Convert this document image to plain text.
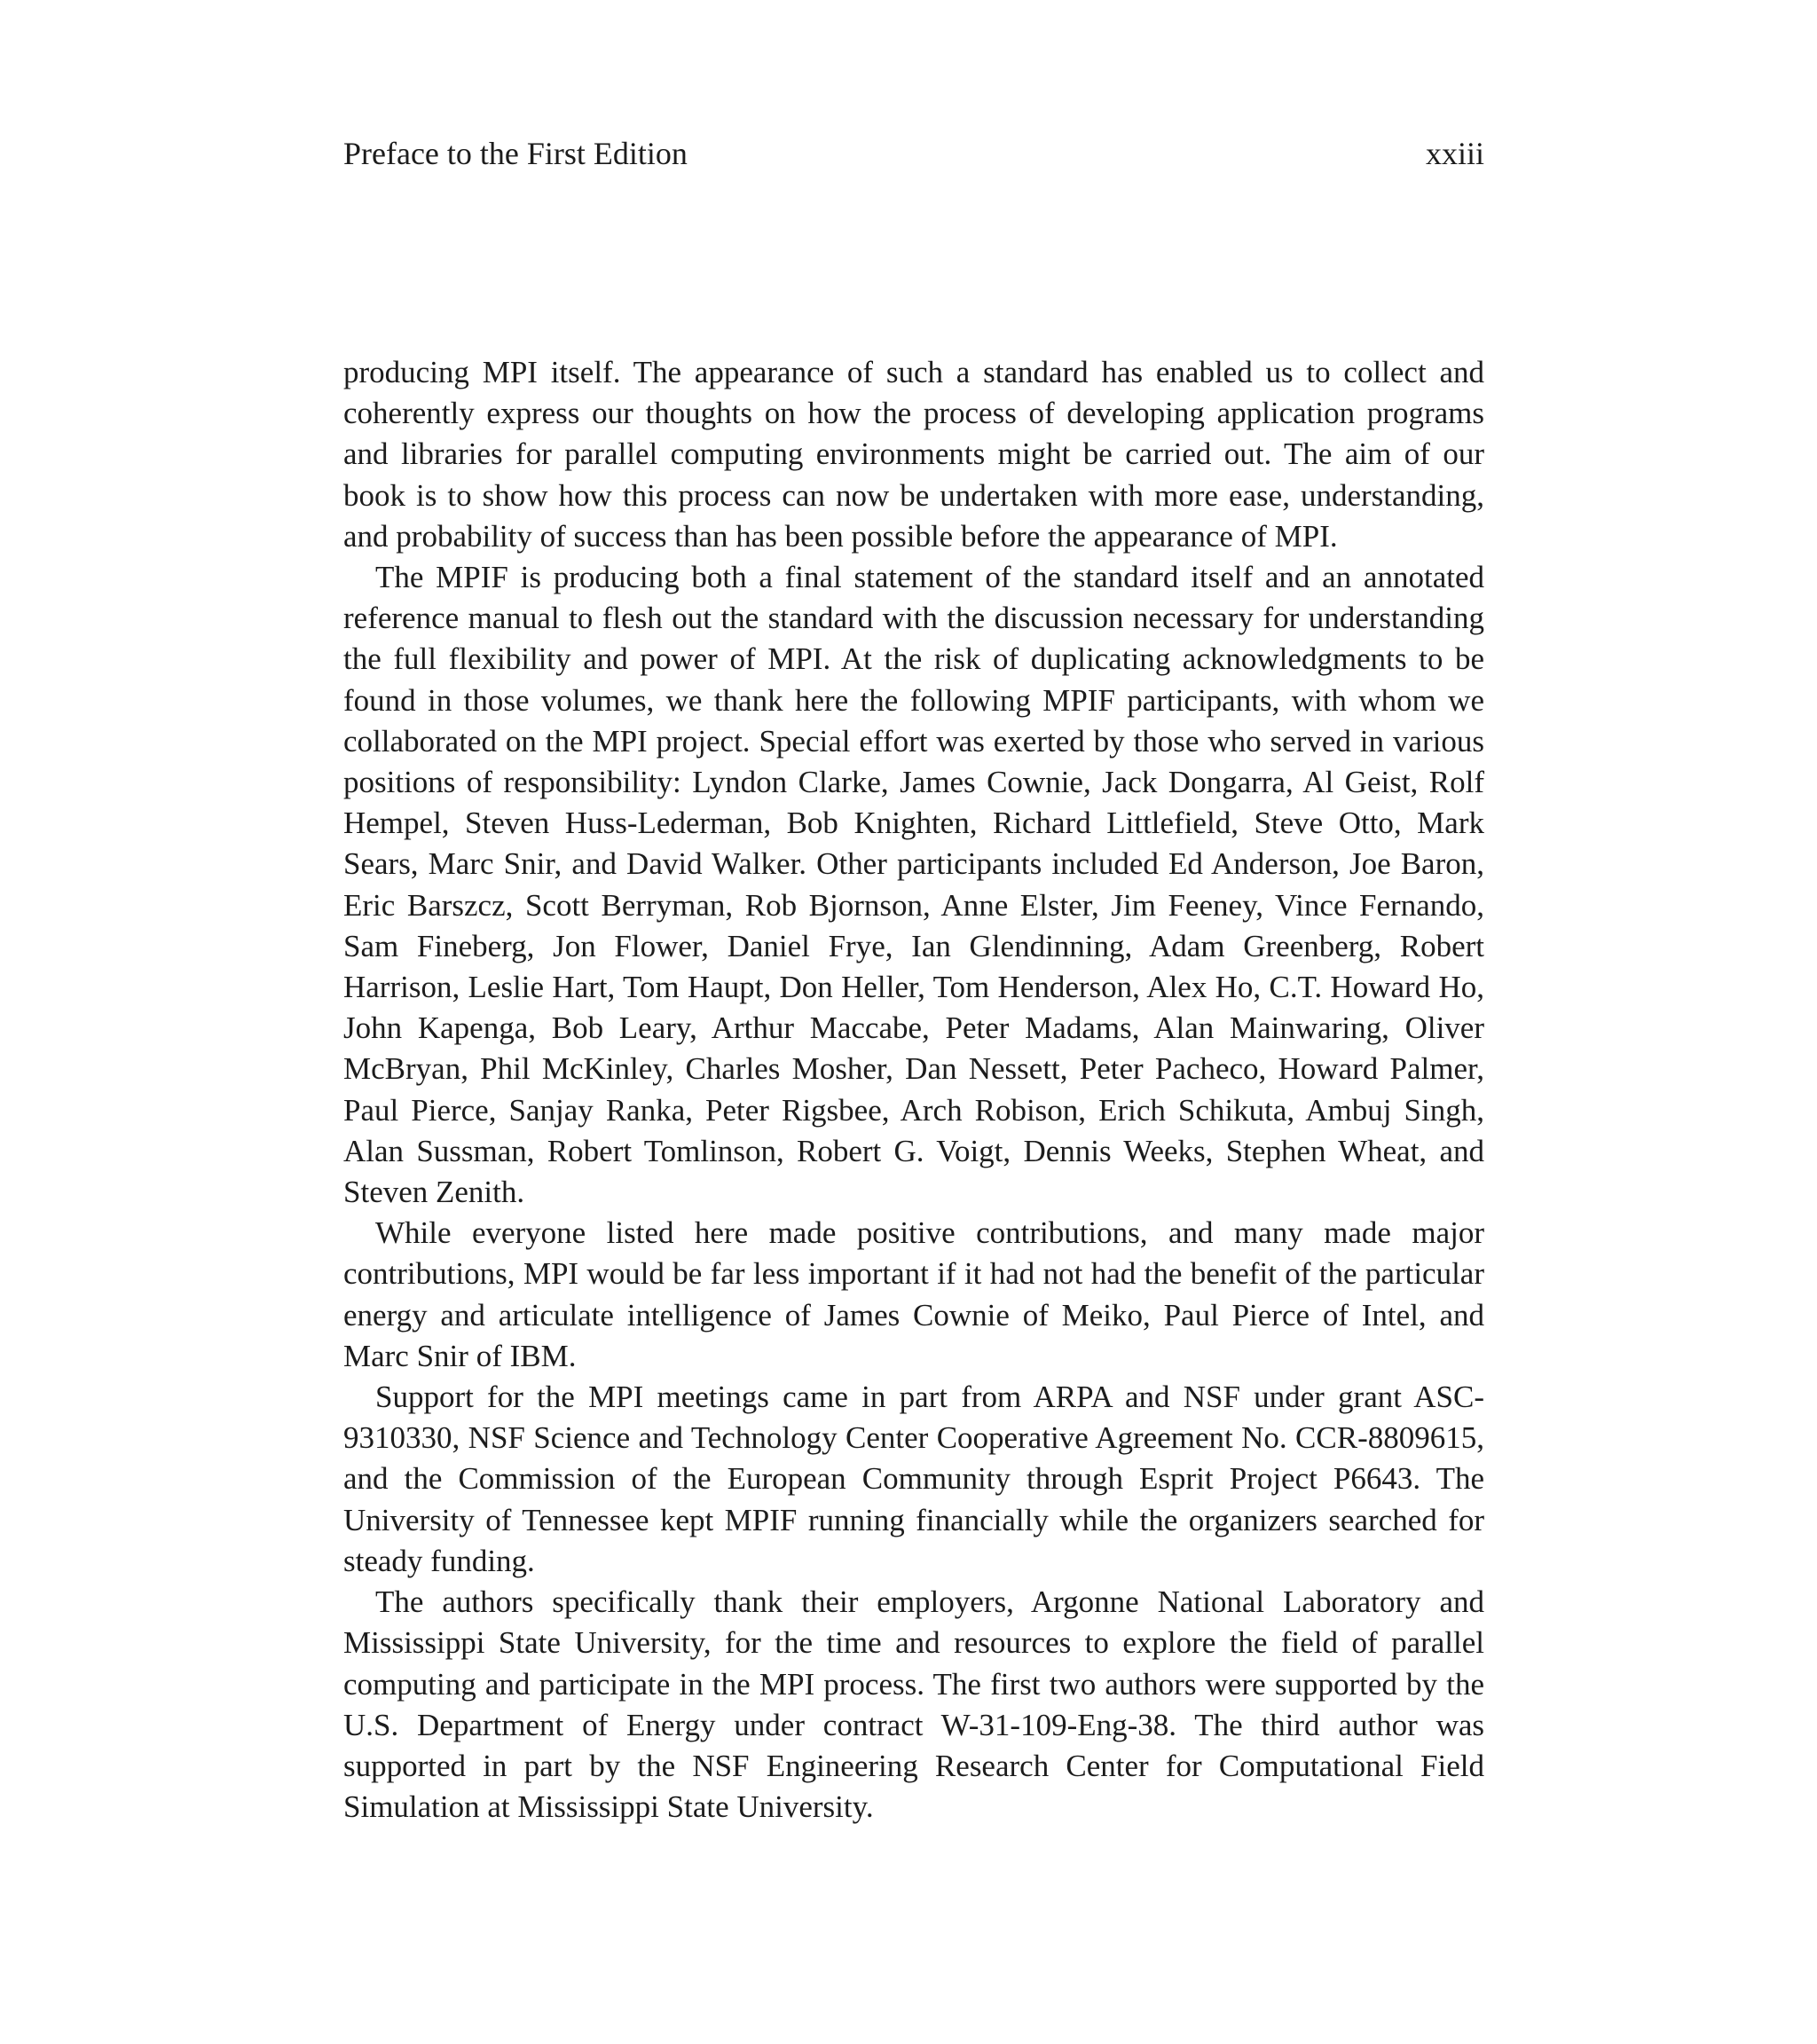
Preface to the First Edition	xxiii

producing MPI itself. The appearance of such a standard has enabled us to collect and coherently express our thoughts on how the process of developing application programs and libraries for parallel computing environments might be carried out. The aim of our book is to show how this process can now be undertaken with more ease, understanding, and probability of success than has been possible before the appearance of MPI.

The MPIF is producing both a final statement of the standard itself and an annotated reference manual to flesh out the standard with the discussion necessary for understanding the full flexibility and power of MPI. At the risk of duplicating acknowledgments to be found in those volumes, we thank here the following MPIF participants, with whom we collaborated on the MPI project. Special effort was exerted by those who served in various positions of responsibility: Lyndon Clarke, James Cownie, Jack Dongarra, Al Geist, Rolf Hempel, Steven Huss-Lederman, Bob Knighten, Richard Littlefield, Steve Otto, Mark Sears, Marc Snir, and David Walker. Other participants included Ed Anderson, Joe Baron, Eric Barszcz, Scott Berryman, Rob Bjornson, Anne Elster, Jim Feeney, Vince Fernando, Sam Fineberg, Jon Flower, Daniel Frye, Ian Glendinning, Adam Greenberg, Robert Harrison, Leslie Hart, Tom Haupt, Don Heller, Tom Henderson, Alex Ho, C.T. Howard Ho, John Kapenga, Bob Leary, Arthur Maccabe, Peter Madams, Alan Mainwaring, Oliver McBryan, Phil McKinley, Charles Mosher, Dan Nessett, Peter Pacheco, Howard Palmer, Paul Pierce, Sanjay Ranka, Peter Rigsbee, Arch Robison, Erich Schikuta, Ambuj Singh, Alan Sussman, Robert Tomlinson, Robert G. Voigt, Dennis Weeks, Stephen Wheat, and Steven Zenith.

While everyone listed here made positive contributions, and many made major contributions, MPI would be far less important if it had not had the benefit of the particular energy and articulate intelligence of James Cownie of Meiko, Paul Pierce of Intel, and Marc Snir of IBM.

Support for the MPI meetings came in part from ARPA and NSF under grant ASC-9310330, NSF Science and Technology Center Cooperative Agreement No. CCR-8809615, and the Commission of the European Community through Esprit Project P6643. The University of Tennessee kept MPIF running financially while the organizers searched for steady funding.

The authors specifically thank their employers, Argonne National Laboratory and Mississippi State University, for the time and resources to explore the field of parallel computing and participate in the MPI process. The first two authors were supported by the U.S. Department of Energy under contract W-31-109-Eng-38. The third author was supported in part by the NSF Engineering Research Center for Computational Field Simulation at Mississippi State University.
